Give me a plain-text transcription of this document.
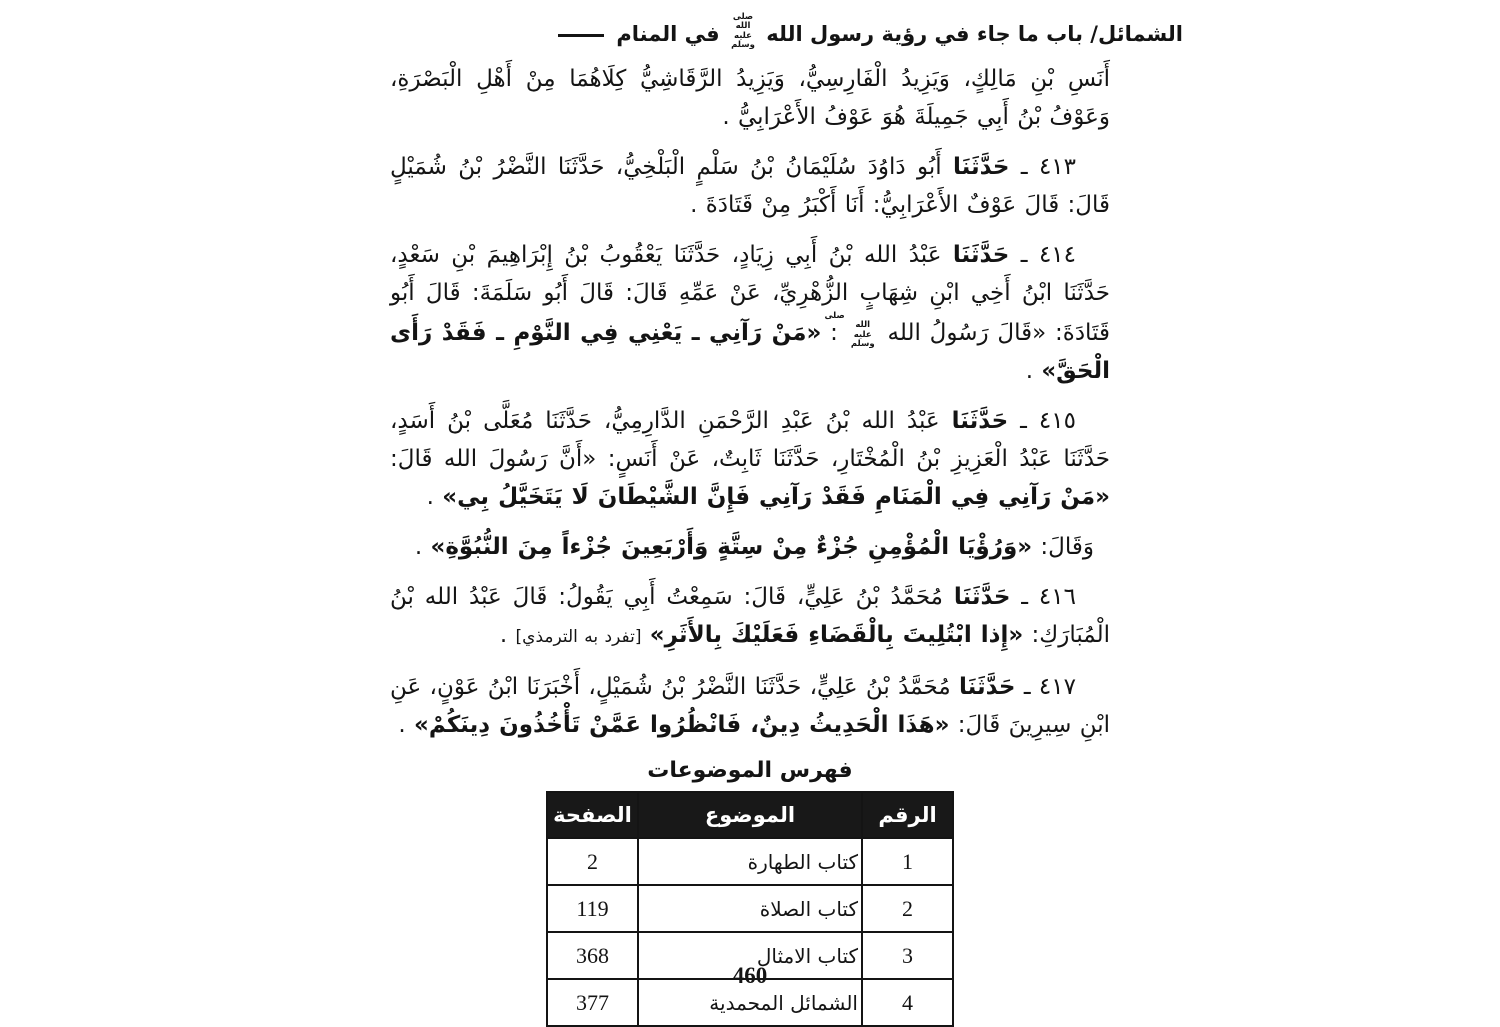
الشمائل/ باب ما جاء في رؤية رسول الله صلى الله عليه وسلم في المنام
أَنَسِ بْنِ مَالِكٍ، وَيَزِيدُ الْفَارِسِيُّ، وَيَزِيدُ الرَّقَاشِيُّ كِلَاهُمَا مِنْ أَهْلِ الْبَصْرَةِ، وَعَوْفُ بْنُ أَبِي جَمِيلَةَ هُوَ عَوْفُ الأَعْرَابِيُّ .
٤١٣ ـ حَدَّثَنَا أَبُو دَاوُدَ سُلَيْمَانُ بْنُ سَلْمٍ الْبَلْخِيُّ، حَدَّثَنَا النَّضْرُ بْنُ شُمَيْلٍ قَالَ: قَالَ عَوْفٌ الأَعْرَابِيُّ: أَنَا أَكْبَرُ مِنْ قَتَادَةَ .
٤١٤ ـ حَدَّثَنَا عَبْدُ الله بْنُ أَبِي زِيَادٍ، حَدَّثَنَا يَعْقُوبُ بْنُ إِبْرَاهِيمَ بْنِ سَعْدٍ، حَدَّثَنَا ابْنُ أَخِي ابْنِ شِهَابٍ الزُّهْرِيِّ، عَنْ عَمِّهِ قَالَ: قَالَ أَبُو سَلَمَةَ: قَالَ أَبُو قَتَادَةَ: «قَالَ رَسُولُ الله صلى الله عليه وسلم : «مَنْ رَآنِي ـ يَعْنِي فِي النَّوْمِ ـ فَقَدْ رَأَى الْحَقَّ» .
٤١٥ ـ حَدَّثَنَا عَبْدُ الله بْنُ عَبْدِ الرَّحْمَنِ الدَّارِمِيُّ، حَدَّثَنَا مُعَلَّى بْنُ أَسَدٍ، حَدَّثَنَا عَبْدُ الْعَزِيزِ بْنُ الْمُخْتَارِ، حَدَّثَنَا ثَابِتٌ، عَنْ أَنَسٍ: «أَنَّ رَسُولَ الله قَالَ: «مَنْ رَآنِي فِي الْمَنَامِ فَقَدْ رَآنِي فَإِنَّ الشَّيْطَانَ لَا يَتَخَيَّلُ بِي» .
وَقَالَ: «وَرُؤْيَا الْمُؤْمِنِ جُزْءٌ مِنْ سِتَّةٍ وَأَرْبَعِينَ جُزْءاً مِنَ النُّبُوَّةِ» .
٤١٦ ـ حَدَّثَنَا مُحَمَّدُ بْنُ عَلِيٍّ، قَالَ: سَمِعْتُ أَبِي يَقُولُ: قَالَ عَبْدُ الله بْنُ الْمُبَارَكِ: «إِذا ابْتُلِيتَ بِالْقَضَاءِ فَعَلَيْكَ بِالأَثَرِ» [تفرد به الترمذي] .
٤١٧ ـ حَدَّثَنَا مُحَمَّدُ بْنُ عَلِيٍّ، حَدَّثَنَا النَّضْرُ بْنُ شُمَيْلٍ، أَخْبَرَنَا ابْنُ عَوْنٍ، عَنِ ابْنِ سِيرِينَ قَالَ: «هَذَا الْحَدِيثُ دِينٌ، فَانْظُرُوا عَمَّنْ تَأْخُذُونَ دِينَكُمْ» .
فهرس الموضوعات
الرقم	الموضوع	الصفحة
1	كتاب الطهارة	2
2	كتاب الصلاة	119
3	كتاب الامثال	368
4	الشمائل المحمدية	377
460
